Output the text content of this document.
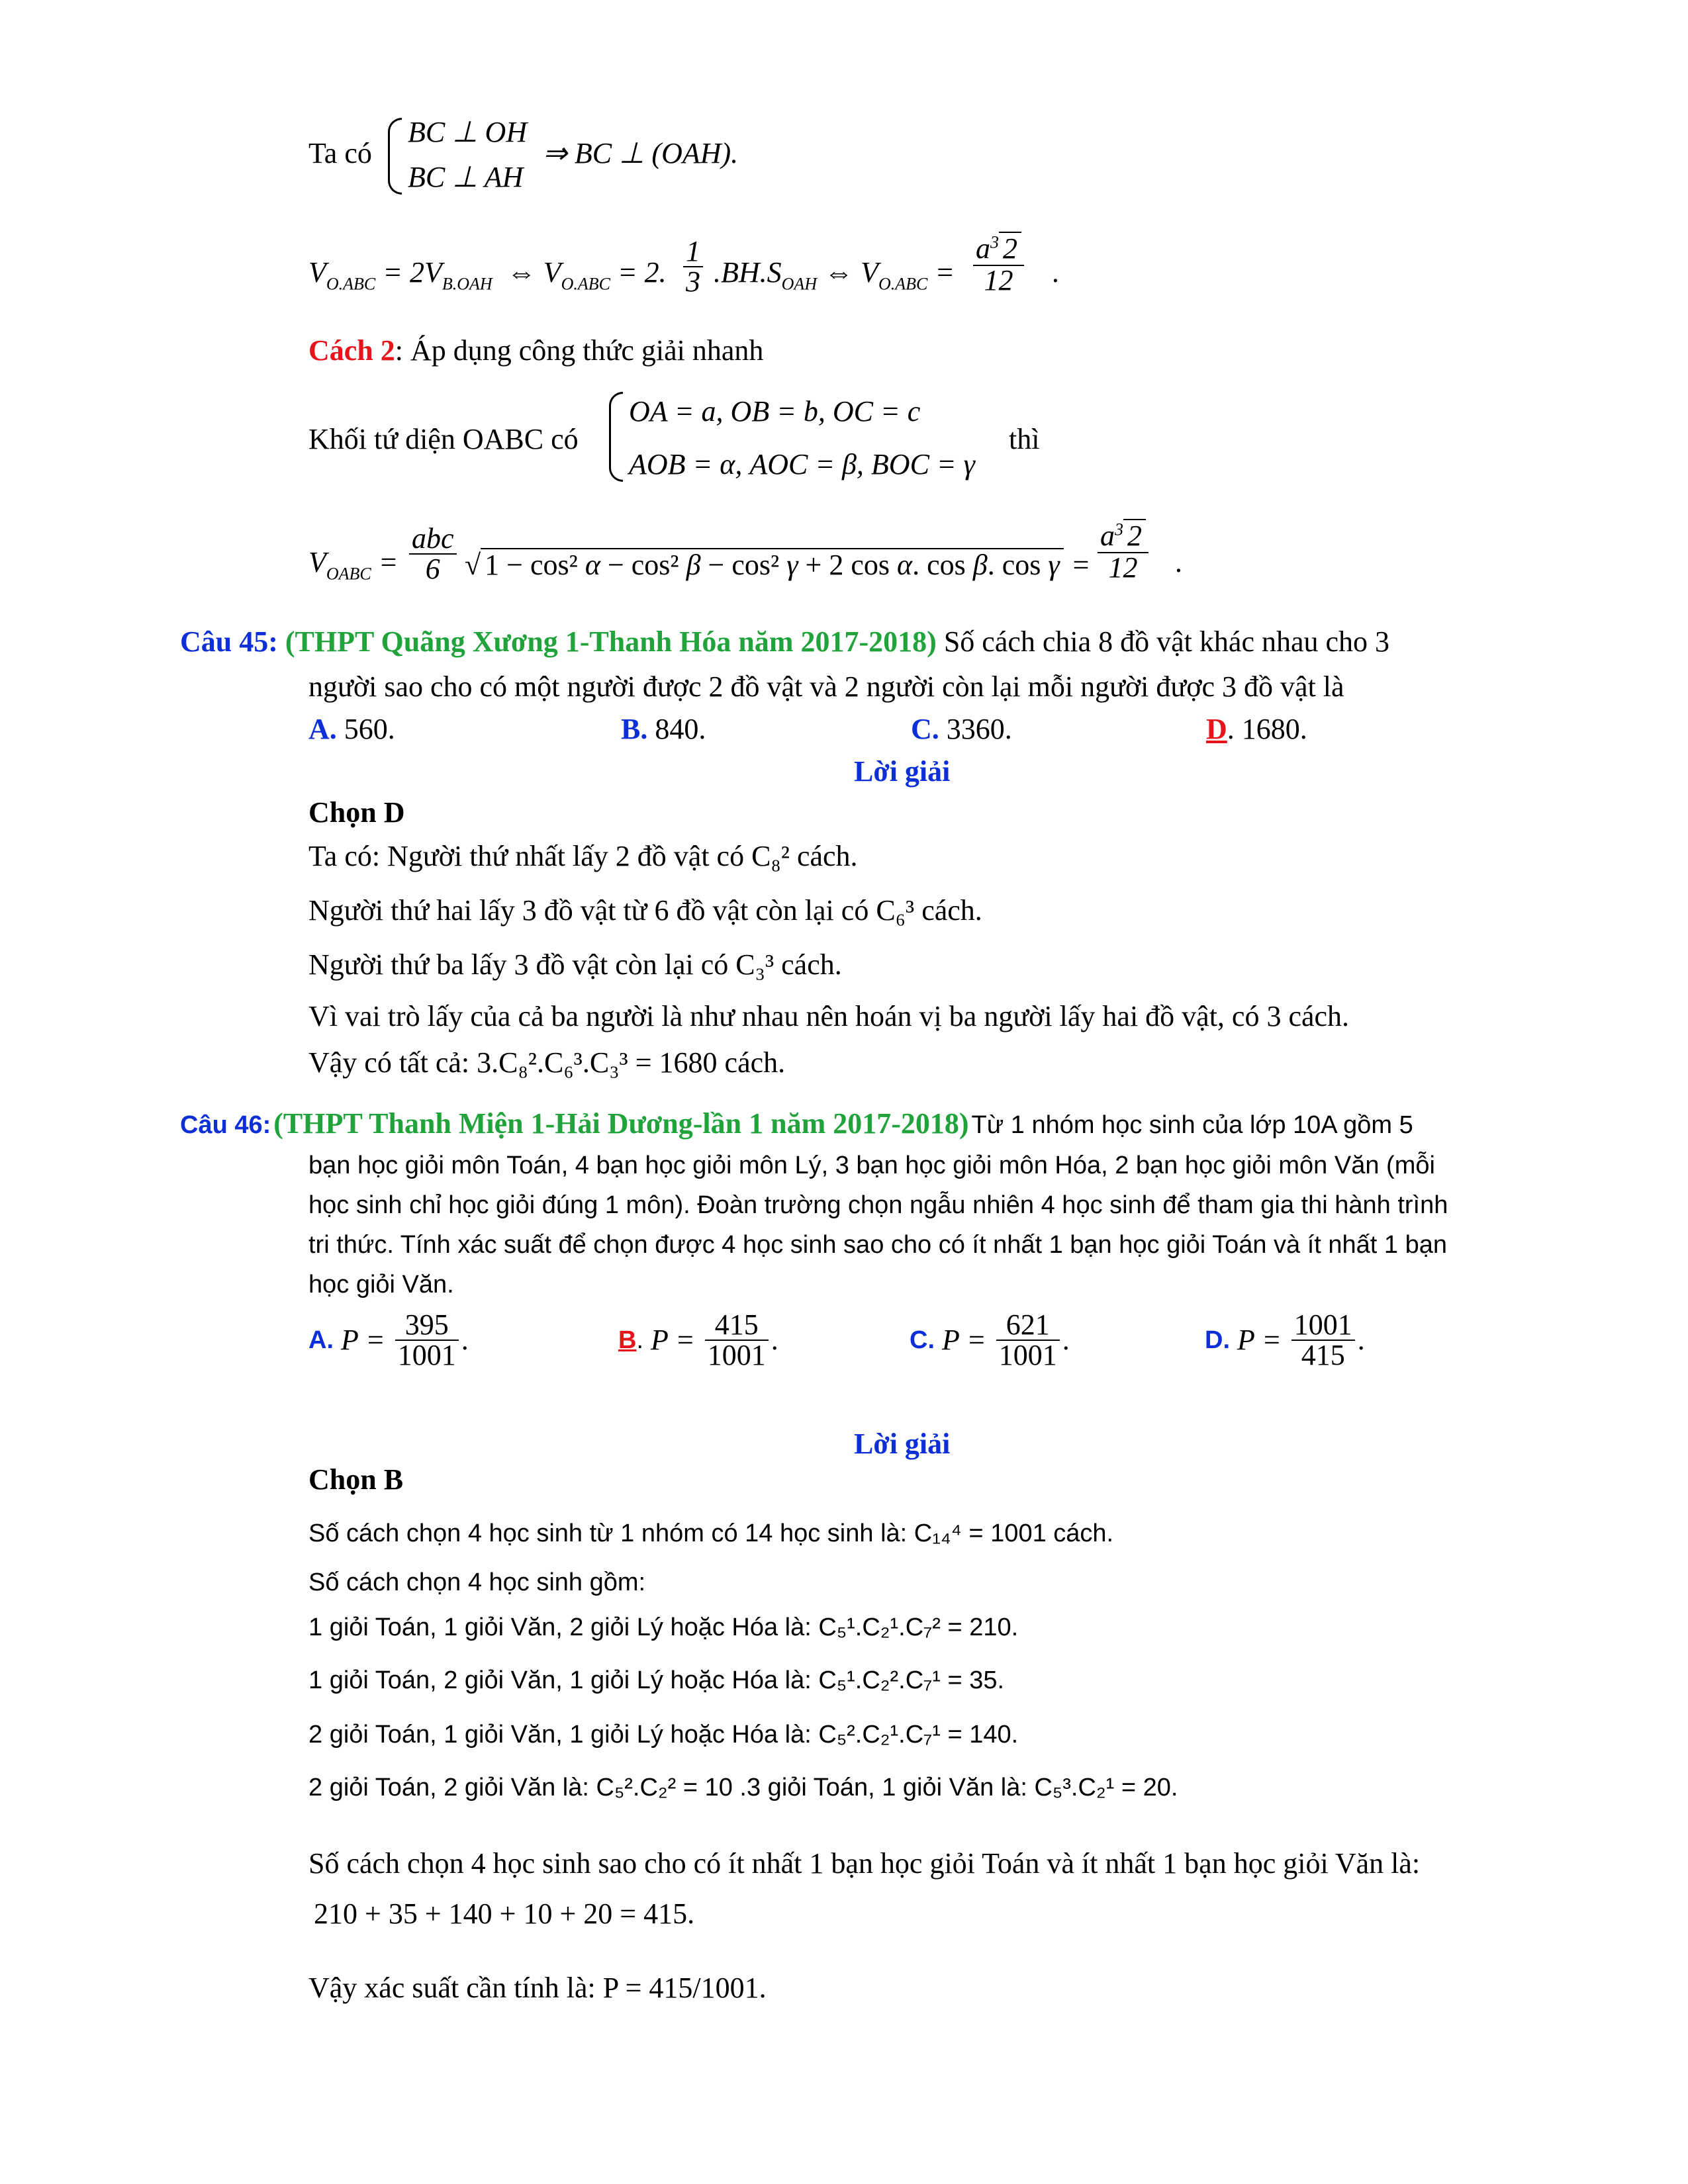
Ta có
BC ⊥ OH
BC ⊥ AH
⇒ BC ⊥ (OAH).
$V_{O.ABC} = 2V_{B.OAH}$  ⇔ $V_{O.ABC} = 2$. $\frac{1}{3} .BH.S_{OAH}$ ⇔ $V_{O.ABC} = \frac{a^3 2}{12}$ .
Cách 2: Áp dụng công thức giải nhanh
Khối tứ diện OABC có
OA = a, OB = b, OC = c
AOB = α, AOC = β, BOC = γ
thì
$V_{OABC}$ =
abc
6 √ 1 − cos² α − cos² β − cos² γ + 2 cos α. cos β. $\cos \gamma = \frac{a^3 2}{12}$ .
Câu 45: (THPT Quãng Xương 1-Thanh Hóa năm 2017-2018) Số cách chia 8 đồ vật khác nhau cho 3
người sao cho có một người được 2 đồ vật và 2 người còn lại mỗi người được 3 đồ vật là
A. 560.	B. 840.	C. 3360.	D. 1680.
Lời giải
Chọn D
Ta có: Người thứ nhất lấy 2 đồ vật có C₈² cách.
Người thứ hai lấy 3 đồ vật từ 6 đồ vật còn lại có C₆³ cách.
Người thứ ba lấy 3 đồ vật còn lại có C₃³ cách.
Vì vai trò lấy của cả ba người là như nhau nên hoán vị ba người lấy hai đồ vật, có 3 cách.
Vậy có tất cả: 3.C₈².C₆³.C₃³ = 1680 cách.
Câu 46: (THPT Thanh Miện 1-Hải Dương-lần 1 năm 2017-2018) Từ 1 nhóm học sinh của lớp 10A gồm 5
bạn học giỏi môn Toán, 4 bạn học giỏi môn Lý, 3 bạn học giỏi môn Hóa, 2 bạn học giỏi môn Văn (mỗi
học sinh chỉ học giỏi đúng 1 môn). Đoàn trường chọn ngẫu nhiên 4 học sinh để tham gia thi hành trình
tri thức. Tính xác suất để chọn được 4 học sinh sao cho có ít nhất 1 bạn học giỏi Toán và ít nhất 1 bạn
học giỏi Văn.
A. $P = \frac{395}{1001}$ .	B. $P = \frac{415}{1001}$ .	C. $P = \frac{621}{1001}$ .	D. $P = \frac{1001}{415}$ .
Lời giải
Chọn B
Số cách chọn 4 học sinh từ 1 nhóm có 14 học sinh là: C₁₄⁴ = 1001 cách.
Số cách chọn 4 học sinh gồm:
1 giỏi Toán, 1 giỏi Văn, 2 giỏi Lý hoặc Hóa là: C₅¹.C₂¹.C₇² = 210.
1 giỏi Toán, 2 giỏi Văn, 1 giỏi Lý hoặc Hóa là: C₅¹.C₂².C₇¹ = 35.
2 giỏi Toán, 1 giỏi Văn, 1 giỏi Lý hoặc Hóa là: C₅².C₂¹.C₇¹ = 140.
2 giỏi Toán, 2 giỏi Văn là: C₅².C₂² = 10 .3 giỏi Toán, 1 giỏi Văn là: C₅³.C₂¹ = 20.
Số cách chọn 4 học sinh sao cho có ít nhất 1 bạn học giỏi Toán và ít nhất 1 bạn học giỏi Văn là:
210 + 35 + 140 + 10 + 20 = 415.
Vậy xác suất cần tính là: P = 415/1001.
